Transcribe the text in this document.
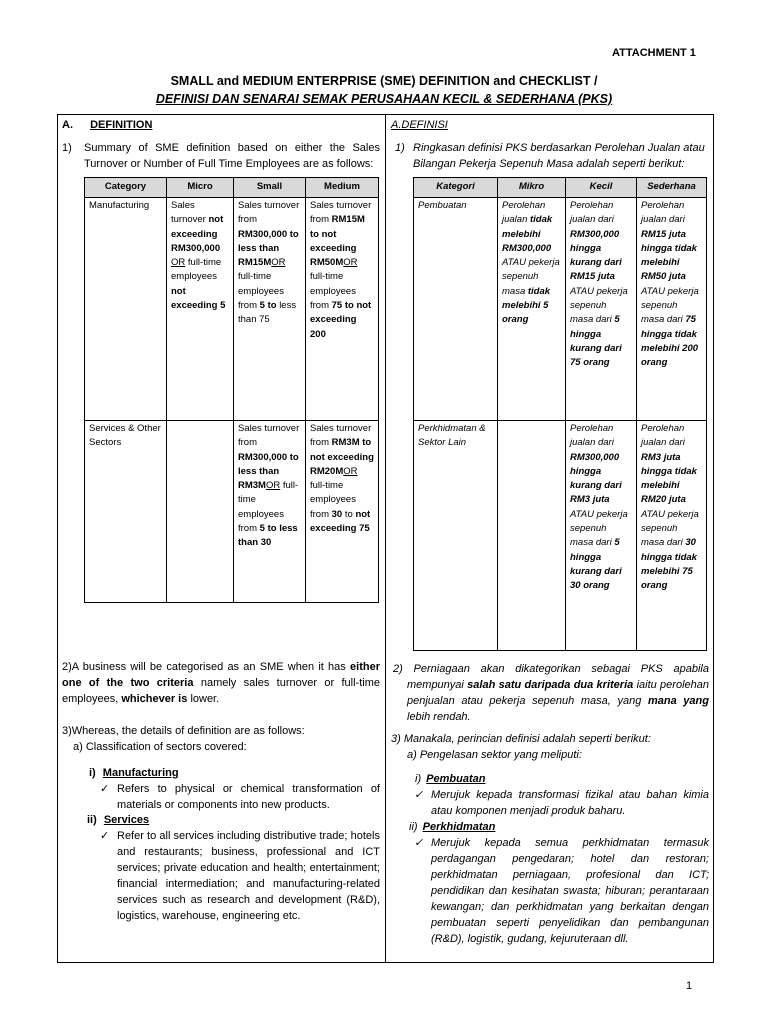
ATTACHMENT 1
SMALL and MEDIUM ENTERPRISE (SME) DEFINITION and CHECKLIST /
DEFINISI DAN SENARAI SEMAK PERUSAHAAN KECIL & SEDERHANA (PKS)
A. DEFINITION
1) Summary of SME definition based on either the Sales Turnover or Number of Full Time Employees are as follows:
Category	Micro	Small	Medium
Manufacturing	Sales turnover not exceeding RM300,000 OR full-time employees not exceeding 5	Sales turnover from RM300,000 to less than RM15MOR full-time employees from 5 to less than 75	Sales turnover from RM15M to not exceeding RM50MOR full-time employees from 75 to not exceeding 200
Services & Other Sectors		Sales turnover from RM300,000 to less than RM3MOR full-time employees from 5 to less than 30	Sales turnover from RM3M to not exceeding RM20MOR full-time employees from 30 to not exceeding 75
2)A business will be categorised as an SME when it has either one of the two criteria namely sales turnover or full-time employees, whichever is lower.
3)Whereas, the details of definition are as follows:
a) Classification of sectors covered:
i) Manufacturing
✓ Refers to physical or chemical transformation of materials or components into new products.
ii) Services
✓ Refer to all services including distributive trade; hotels and restaurants; business, professional and ICT services; private education and health; entertainment; financial intermediation; and manufacturing-related services such as research and development (R&D), logistics, warehouse, engineering etc.
A.DEFINISI
1) Ringkasan definisi PKS berdasarkan Perolehan Jualan atau Bilangan Pekerja Sepenuh Masa adalah seperti berikut:
Kategori	Mikro	Kecil	Sederhana
Pembuatan	Perolehan jualan tidak melebihi RM300,000 ATAU pekerja sepenuh masa tidak melebihi 5 orang	Perolehan jualan dari RM300,000 hingga kurang dari RM15 juta ATAU pekerja sepenuh masa dari 5 hingga kurang dari 75 orang	Perolehan jualan dari RM15 juta hingga tidak melebihi RM50 juta ATAU pekerja sepenuh masa dari 75 hingga tidak melebihi 200 orang
Perkhidmatan & Sektor Lain		Perolehan jualan dari RM300,000 hingga kurang dari RM3 juta ATAU pekerja sepenuh masa dari 5 hingga kurang dari 30 orang	Perolehan jualan dari RM3 juta hingga tidak melebihi RM20 juta ATAU pekerja sepenuh masa dari 30 hingga tidak melebihi 75 orang
2) Perniagaan akan dikategorikan sebagai PKS apabila mempunyai salah satu daripada dua kriteria iaitu perolehan penjualan atau pekerja sepenuh masa, yang mana yang lebih rendah.
3) Manakala, perincian definisi adalah seperti berikut:
a) Pengelasan sektor yang meliputi:
i) Pembuatan
✓ Merujuk kepada transformasi fizikal atau bahan kimia atau komponen menjadi produk baharu.
ii) Perkhidmatan
✓ Merujuk kepada semua perkhidmatan termasuk perdagangan pengedaran; hotel dan restoran; perkhidmatan perniagaan, profesional dan ICT; pendidikan dan kesihatan swasta; hiburan; perantaraan kewangan; dan perkhidmatan yang berkaitan dengan pembuatan seperti penyelidikan dan pembangunan (R&D), logistik, gudang, kejuruteraan dll.
1
